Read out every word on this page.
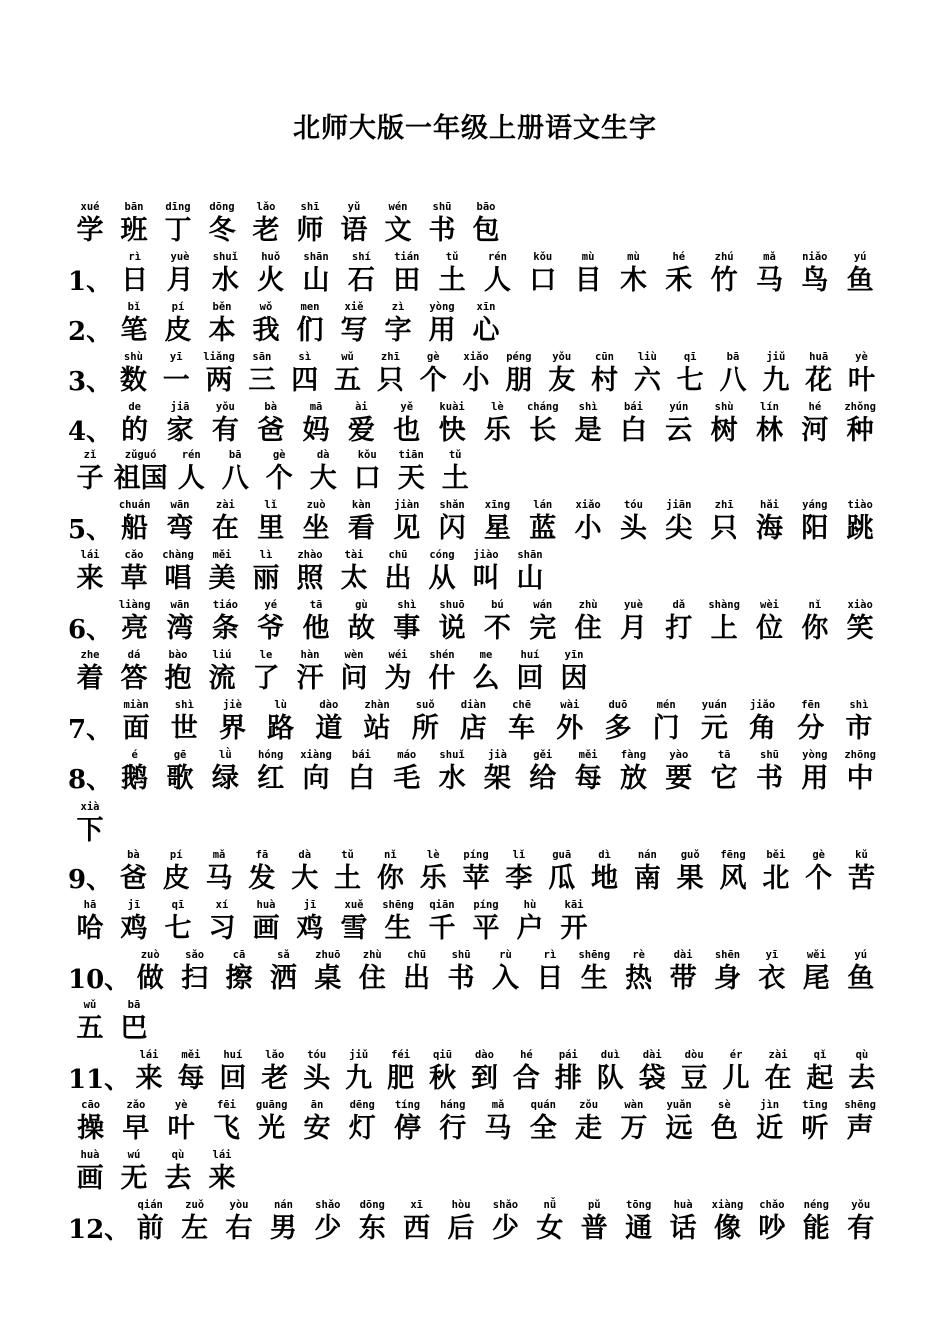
北师大版一年级上册语文生字
xué
学
bān
班
dīng
丁
dōng
冬
lǎo
老
shī
师
yǔ
语
wén
文
shū
书
bāo
包
1、
rì
日
yuè
月
shuǐ
水
huǒ
火
shān
山
shí
石
tián
田
tǔ
土
rén
人
kǒu
口
mù
目
mù
木
hé
禾
zhú
竹
mǎ
马
niǎo
鸟
yú
鱼
2、
bǐ
笔
pí
皮
běn
本
wǒ
我
men
们
xiě
写
zì
字
yòng
用
xīn
心
3、
shù
数
yī
一
liǎng
两
sān
三
sì
四
wǔ
五
zhī
只
gè
个
xiǎo
小
péng
朋
yǒu
友
cūn
村
liù
六
qī
七
bā
八
jiǔ
九
huā
花
yè
叶
4、
de
的
jiā
家
yǒu
有
bà
爸
mā
妈
ài
爱
yě
也
kuài
快
lè
乐
cháng
长
shì
是
bái
白
yún
云
shù
树
lín
林
hé
河
zhǒng
种
zǐ
子
zǔguó
祖国
rén
人
bā
八
gè
个
dà
大
kǒu
口
tiān
天
tǔ
土
5、
chuán
船
wān
弯
zài
在
lǐ
里
zuò
坐
kàn
看
jiàn
见
shǎn
闪
xīng
星
lán
蓝
xiǎo
小
tóu
头
jiān
尖
zhī
只
hǎi
海
yáng
阳
tiào
跳
lái
来
cǎo
草
chàng
唱
měi
美
lì
丽
zhào
照
tài
太
chū
出
cóng
从
jiào
叫
shān
山
6、
liàng
亮
wān
湾
tiáo
条
yé
爷
tā
他
gù
故
shì
事
shuō
说
bú
不
wán
完
zhù
住
yuè
月
dǎ
打
shàng
上
wèi
位
nǐ
你
xiào
笑
zhe
着
dá
答
bào
抱
liú
流
le
了
hàn
汗
wèn
问
wéi
为
shén
什
me
么
huí
回
yīn
因
7、
miàn
面
shì
世
jiè
界
lù
路
dào
道
zhàn
站
suǒ
所
diàn
店
chē
车
wài
外
duō
多
mén
门
yuán
元
jiǎo
角
fēn
分
shì
市
8、
é
鹅
gē
歌
lǜ
绿
hóng
红
xiàng
向
bái
白
máo
毛
shuǐ
水
jià
架
gěi
给
měi
每
fàng
放
yào
要
tā
它
shū
书
yòng
用
zhōng
中
xià
下
9、
bà
爸
pí
皮
mǎ
马
fā
发
dà
大
tǔ
土
nǐ
你
lè
乐
píng
苹
lǐ
李
guā
瓜
dì
地
nán
南
guǒ
果
fēng
风
běi
北
gè
个
kǔ
苦
hā
哈
jī
鸡
qī
七
xí
习
huà
画
jī
鸡
xuě
雪
shēng
生
qiān
千
píng
平
hù
户
kāi
开
10、
zuò
做
sǎo
扫
cā
擦
sǎ
洒
zhuō
桌
zhù
住
chū
出
shū
书
rù
入
rì
日
shēng
生
rè
热
dài
带
shēn
身
yī
衣
wěi
尾
yú
鱼
wǔ
五
bā
巴
11、
lái
来
měi
每
huí
回
lǎo
老
tóu
头
jiǔ
九
féi
肥
qiū
秋
dào
到
hé
合
pái
排
duì
队
dài
袋
dòu
豆
ér
儿
zài
在
qǐ
起
qù
去
cāo
操
zǎo
早
yè
叶
fēi
飞
guāng
光
ān
安
dēng
灯
tíng
停
háng
行
mǎ
马
quán
全
zǒu
走
wàn
万
yuǎn
远
sè
色
jìn
近
tīng
听
shēng
声
huà
画
wú
无
qù
去
lái
来
12、
qián
前
zuǒ
左
yòu
右
nán
男
shǎo
少
dōng
东
xī
西
hòu
后
shǎo
少
nǚ
女
pǔ
普
tōng
通
huà
话
xiàng
像
chǎo
吵
néng
能
yǒu
有
